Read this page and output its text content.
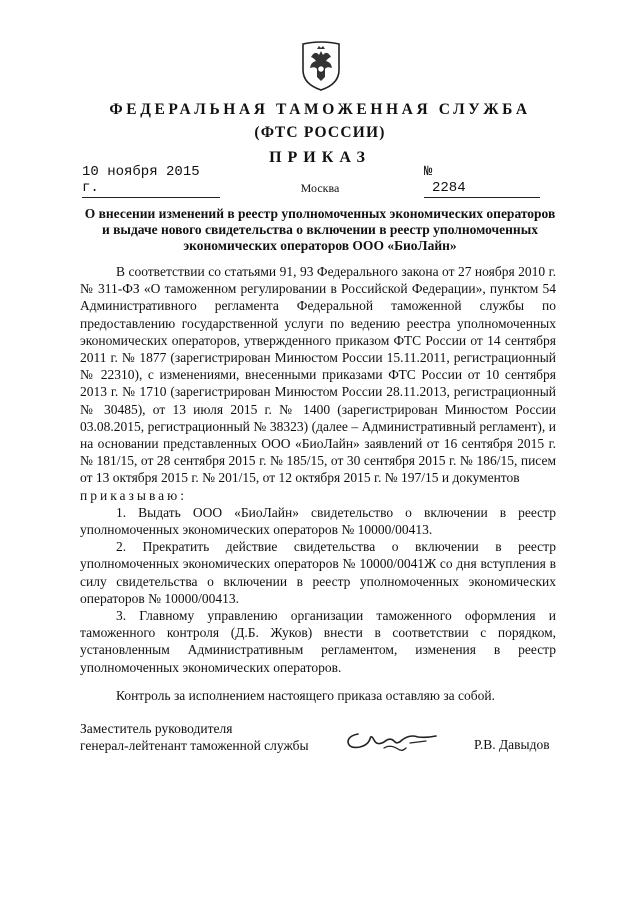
ФЕДЕРАЛЬНАЯ ТАМОЖЕННАЯ СЛУЖБА
(ФТС РОССИИ)
ПРИКАЗ
10 ноября 2015 г.
№ 2284
Москва
О внесении изменений в реестр уполномоченных экономических операторов
и выдаче нового свидетельства о включении в реестр уполномоченных
экономических операторов ООО «БиоЛайн»

В соответствии со статьями 91, 93 Федерального закона от 27 ноября 2010 г. № 311-ФЗ «О таможенном регулировании в Российской Федерации», пунктом 54 Административного регламента Федеральной таможенной службы по предоставлению государственной услуги по ведению реестра уполномоченных экономических операторов, утвержденного приказом ФТС России от 14 сентября 2011 г. № 1877 (зарегистрирован Минюстом России 15.11.2011, регистрационный № 22310), с изменениями, внесенными приказами ФТС России от 10 сентября 2013 г. № 1710 (зарегистрирован Минюстом России 28.11.2013, регистрационный № 30485), от 13 июля 2015 г. № 1400 (зарегистрирован Минюстом России 03.08.2015, регистрационный № 38323) (далее – Административный регламент), и на основании представленных ООО «БиоЛайн» заявлений от 16 сентября 2015 г. № 181/15, от 28 сентября 2015 г. № 185/15, от 30 сентября 2015 г. № 186/15, писем от 13 октября 2015 г. № 201/15, от 12 октября 2015 г. № 197/15 и документов

приказываю:

1. Выдать ООО «БиоЛайн» свидетельство о включении в реестр уполномоченных экономических операторов № 10000/00413.

2. Прекратить действие свидетельства о включении в реестр уполномоченных экономических операторов № 10000/0041Ж со дня вступления в силу свидетельства о включении в реестр уполномоченных экономических операторов № 10000/00413.

3. Главному управлению организации таможенного оформления и таможенного контроля (Д.Б. Жуков) внести в соответствии с порядком, установленным Административным регламентом, изменения в реестр уполномоченных экономических операторов.

Контроль за исполнением настоящего приказа оставляю за собой.
Заместитель руководителя
генерал-лейтенант таможенной службы	Р.В. Давыдов
